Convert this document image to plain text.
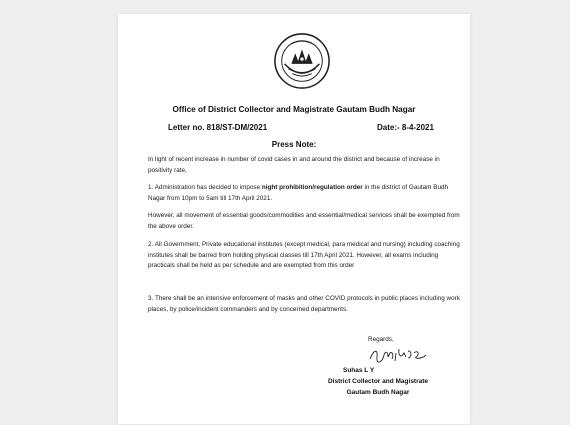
Office of District Collector and Magistrate Gautam Budh Nagar
Letter no. 818/ST-DM/2021	Date:- 8-4-2021
Press Note:
In light of recent increase in number of covid cases in and around the district and because of increase in positivity rate,
1. Administration has decided to impose night prohibition/regulation order in the district of Gautam Budh Nagar from 10pm to 5am till 17th April 2021.
However, all movement of essential goods/commodities and essential/medical services shall be exempted from the above order.
2. All Government, Private educational institutes (except medical, para medical and nursing) including coaching institutes shall be barred from holding physical classes till 17th April 2021. However, all exams including practicals shall be held as per schedule and are exempted from this order
3. There shall be an intensive enforcement of masks and other COVID protocols in public places including work places, by police/incident commanders and by concerned departments.
Regards,
Suhas L Y
District Collector and Magistrate
Gautam Budh Nagar
